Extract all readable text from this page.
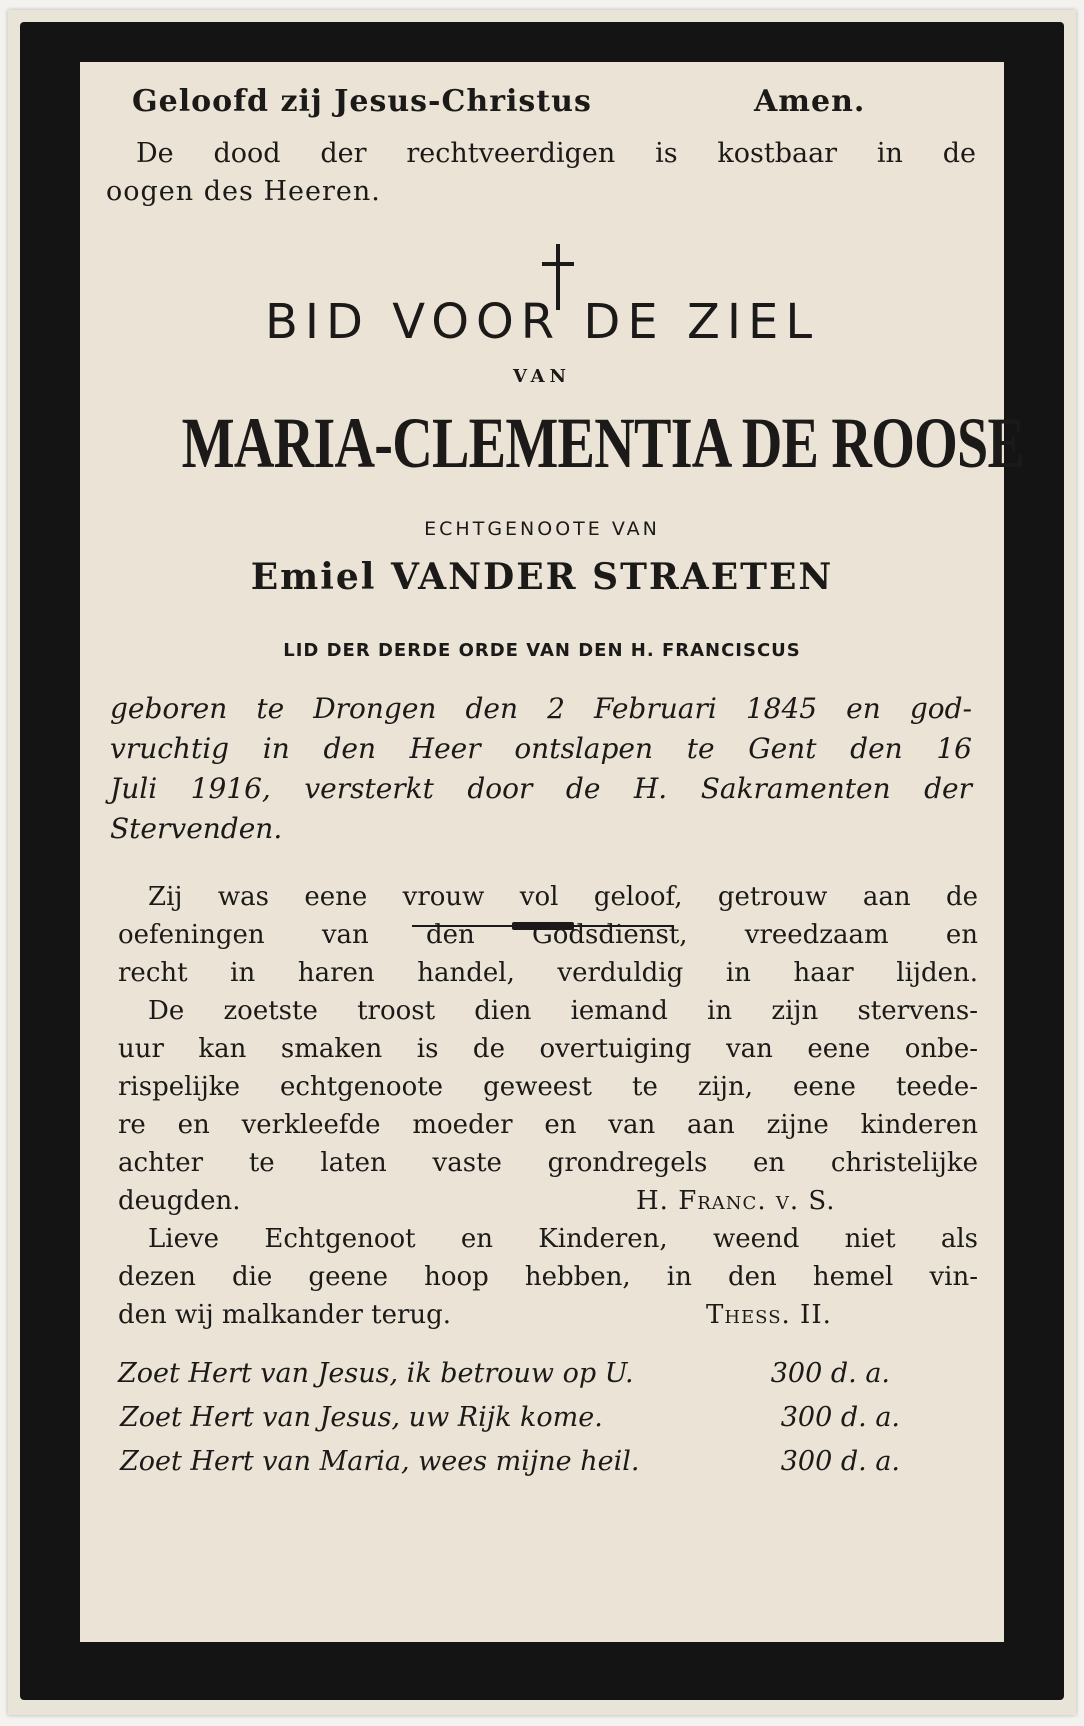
Geloofd zij Jesus-Christus	Amen.
De dood der rechtveerdigen is kostbaar in de
oogen des Heeren.
BID VOOR DE ZIEL
VAN
MARIA-CLEMENTIA DE ROOSE
ECHTGENOOTE VAN
Emiel VANDER STRAETEN
LID DER DERDE ORDE VAN DEN H. FRANCISCUS
geboren te Drongen den 2 Februari 1845 en god-
vruchtig in den Heer ontslapen te Gent den 16
Juli 1916, versterkt door de H. Sakramenten der
Stervenden.
Zij was eene vrouw vol geloof, getrouw aan de
oefeningen van den Godsdienst, vreedzaam en
recht in haren handel, verduldig in haar lijden.
De zoetste troost dien iemand in zijn stervens-
uur kan smaken is de overtuiging van eene onbe-
rispelijke echtgenoote geweest te zijn, eene teede-
re en verkleefde moeder en van aan zijne kinderen
achter te laten vaste grondregels en christelijke
deugden.	H. Franc. v. S.
Lieve Echtgenoot en Kinderen, weend niet als
dezen die geene hoop hebben, in den hemel vin-
den wij malkander terug.	Thess. II.
Zoet Hert van Jesus, ik betrouw op U.	300 d. a.
Zoet Hert van Jesus, uw Rijk kome.	300 d. a.
Zoet Hert van Maria, wees mijne heil.	300 d. a.
